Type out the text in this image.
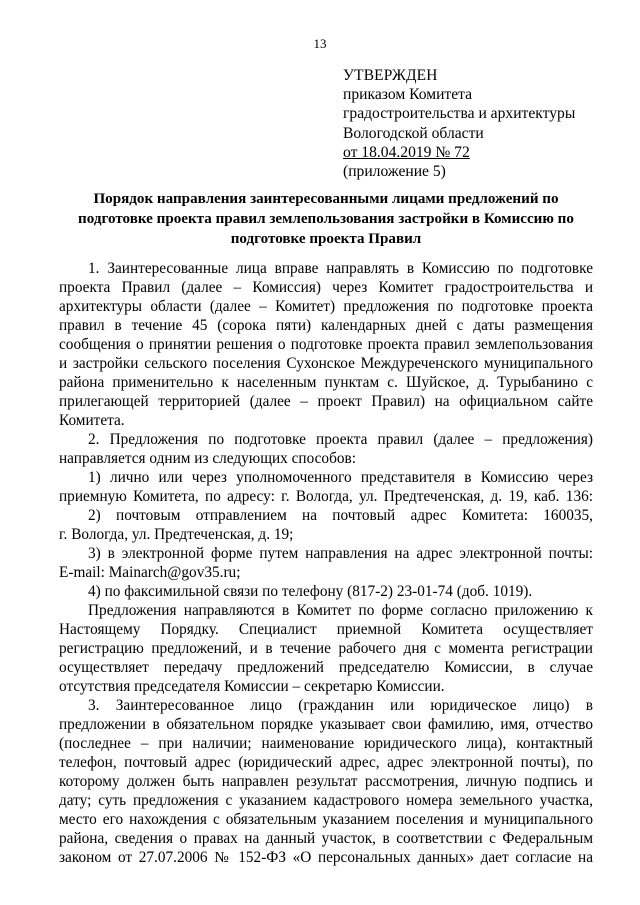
13
УТВЕРЖДЕН
приказом Комитета
градостроительства и архитектуры
Вологодской области
от 18.04.2019 № 72
(приложение 5)
Порядок направления заинтересованными лицами предложений по
подготовке проекта правил землепользования застройки в Комиссию по
подготовке проекта Правил
1. Заинтересованные лица вправе направлять в Комиссию по подготовке
проекта Правил (далее – Комиссия) через Комитет градостроительства и
архитектуры области (далее – Комитет) предложения по подготовке проекта
правил в течение 45 (сорока пяти) календарных дней с даты размещения
сообщения о принятии решения о подготовке проекта правил землепользования
и застройки сельского поселения Сухонское Междуреченского муниципального
района применительно к населенным пунктам с. Шуйское, д. Турыбанино с
прилегающей территорией (далее – проект Правил) на официальном сайте
Комитета.
2. Предложения по подготовке проекта правил (далее – предложения)
направляется одним из следующих способов:
1) лично или через уполномоченного представителя в Комиссию через
приемную Комитета, по адресу: г. Вологда, ул. Предтеченская, д. 19, каб. 136:
2) почтовым отправлением на почтовый адрес Комитета: 160035,
г. Вологда, ул. Предтеченская, д. 19;
3) в электронной форме путем направления на адрес электронной почты:
E-mail: Mainarch@gov35.ru;
4) по факсимильной связи по телефону (817-2) 23-01-74 (доб. 1019).
Предложения направляются в Комитет по форме согласно приложению к
Настоящему Порядку. Специалист приемной Комитета осуществляет
регистрацию предложений, и в течение рабочего дня с момента регистрации
осуществляет передачу предложений председателю Комиссии, в случае
отсутствия председателя Комиссии – секретарю Комиссии.
3. Заинтересованное лицо (гражданин или юридическое лицо) в
предложении в обязательном порядке указывает свои фамилию, имя, отчество
(последнее – при наличии; наименование юридического лица), контактный
телефон, почтовый адрес (юридический адрес, адрес электронной почты), по
которому должен быть направлен результат рассмотрения, личную подпись и
дату; суть предложения с указанием кадастрового номера земельного участка,
место его нахождения с обязательным указанием поселения и муниципального
района, сведения о правах на данный участок, в соответствии с Федеральным
законом от 27.07.2006 № 152-ФЗ «О персональных данных» дает согласие на
